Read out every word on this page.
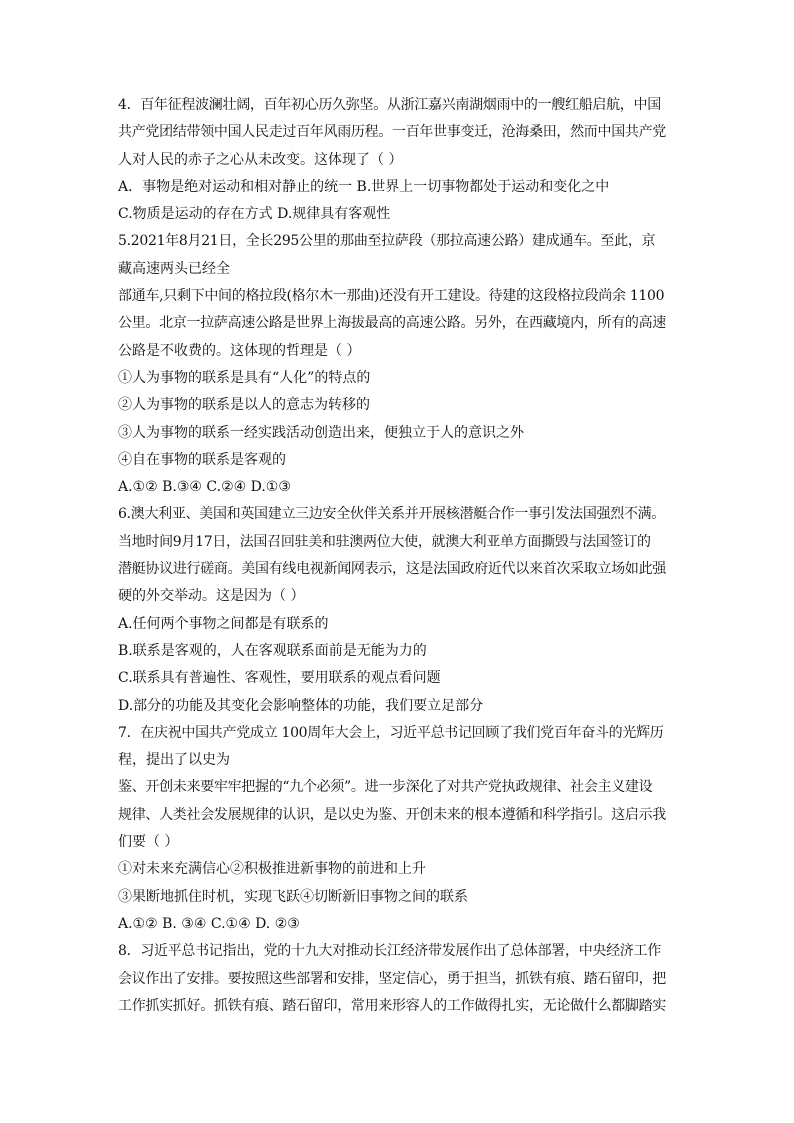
4．百年征程波澜壮阔，百年初心历久弥坚。从浙江嘉兴南湖烟雨中的一艘红船启航，中国
共产党团结带领中国人民走过百年风雨历程。一百年世事变迁，沧海桑田，然而中国共产党
人对人民的赤子之心从未改变。这体现了（ ）
A．事物是绝对运动和相对静止的统一 B.世界上一切事物都处于运动和变化之中
C.物质是运动的存在方式 D.规律具有客观性
5.2021年8月21日，全长295公里的那曲至拉萨段（那拉高速公路）建成通车。至此，京
藏高速两头已经全
部通车,只剩下中间的格拉段(格尔木一那曲)还没有开工建设。待建的这段格拉段尚余 1100
公里。北京一拉萨高速公路是世界上海拔最高的高速公路。另外，在西藏境内，所有的高速
公路是不收费的。这体现的哲理是（ ）
①人为事物的联系是具有“人化”的特点的
②人为事物的联系是以人的意志为转移的
③人为事物的联系一经实践活动创造出来，便独立于人的意识之外
④自在事物的联系是客观的
A.①② B.③④ C.②④ D.①③
6.澳大利亚、美国和英国建立三边安全伙伴关系并开展核潜艇合作一事引发法国强烈不满。
当地时间9月17日，法国召回驻美和驻澳两位大使，就澳大利亚单方面撕毁与法国签订的
潜艇协议进行磋商。美国有线电视新闻网表示，这是法国政府近代以来首次采取立场如此强
硬的外交举动。这是因为（ ）
A.任何两个事物之间都是有联系的
B.联系是客观的，人在客观联系面前是无能为力的
C.联系具有普遍性、客观性，要用联系的观点看问题
D.部分的功能及其变化会影响整体的功能，我们要立足部分
7．在庆祝中国共产党成立 100周年大会上，习近平总书记回顾了我们党百年奋斗的光辉历
程，提出了以史为
鉴、开创未来要牢牢把握的“九个必须”。进一步深化了对共产党执政规律、社会主义建设
规律、人类社会发展规律的认识，是以史为鉴、开创未来的根本遵循和科学指引。这启示我
们要（ ）
①对未来充满信心②积极推进新事物的前进和上升
③果断地抓住时机，实现飞跃④切断新旧事物之间的联系
A.①② B. ③④ C.①④ D. ②③
8．习近平总书记指出，党的十九大对推动长江经济带发展作出了总体部署，中央经济工作
会议作出了安排。要按照这些部署和安排，坚定信心，勇于担当，抓铁有痕、踏石留印，把
工作抓实抓好。抓铁有痕、踏石留印，常用来形容人的工作做得扎实，无论做什么都脚踏实
